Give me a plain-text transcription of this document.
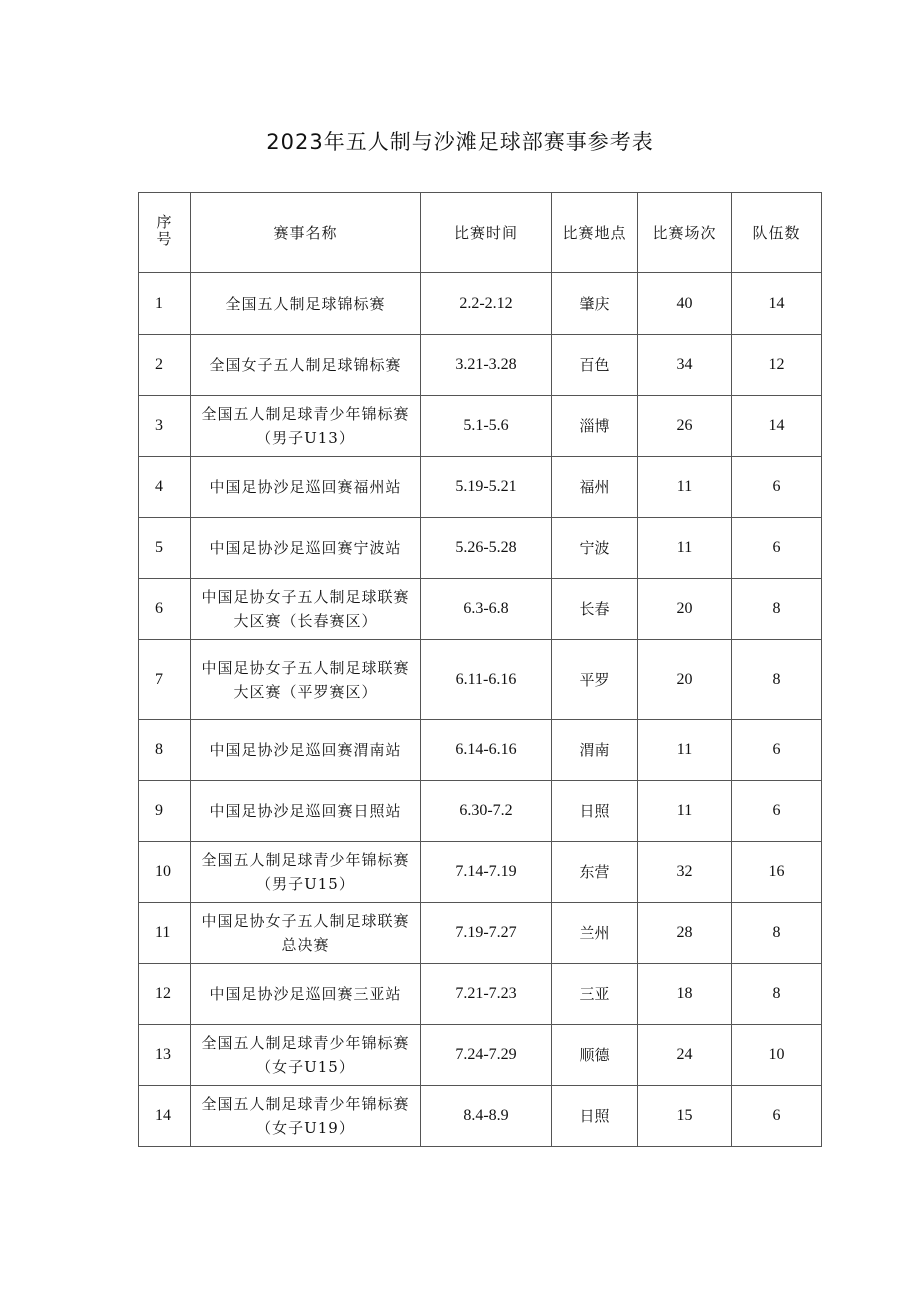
2023年五人制与沙滩足球部赛事参考表
序号	赛事名称	比赛时间	比赛地点	比赛场次	队伍数
1	全国五人制足球锦标赛	2.2-2.12	肇庆	40	14
2	全国女子五人制足球锦标赛	3.21-3.28	百色	34	12
3	全国五人制足球青少年锦标赛（男子U13）	5.1-5.6	淄博	26	14
4	中国足协沙足巡回赛福州站	5.19-5.21	福州	11	6
5	中国足协沙足巡回赛宁波站	5.26-5.28	宁波	11	6
6	中国足协女子五人制足球联赛大区赛（长春赛区）	6.3-6.8	长春	20	8
7	中国足协女子五人制足球联赛大区赛（平罗赛区）	6.11-6.16	平罗	20	8
8	中国足协沙足巡回赛渭南站	6.14-6.16	渭南	11	6
9	中国足协沙足巡回赛日照站	6.30-7.2	日照	11	6
10	全国五人制足球青少年锦标赛（男子U15）	7.14-7.19	东营	32	16
11	中国足协女子五人制足球联赛总决赛	7.19-7.27	兰州	28	8
12	中国足协沙足巡回赛三亚站	7.21-7.23	三亚	18	8
13	全国五人制足球青少年锦标赛（女子U15）	7.24-7.29	顺德	24	10
14	全国五人制足球青少年锦标赛（女子U19）	8.4-8.9	日照	15	6
